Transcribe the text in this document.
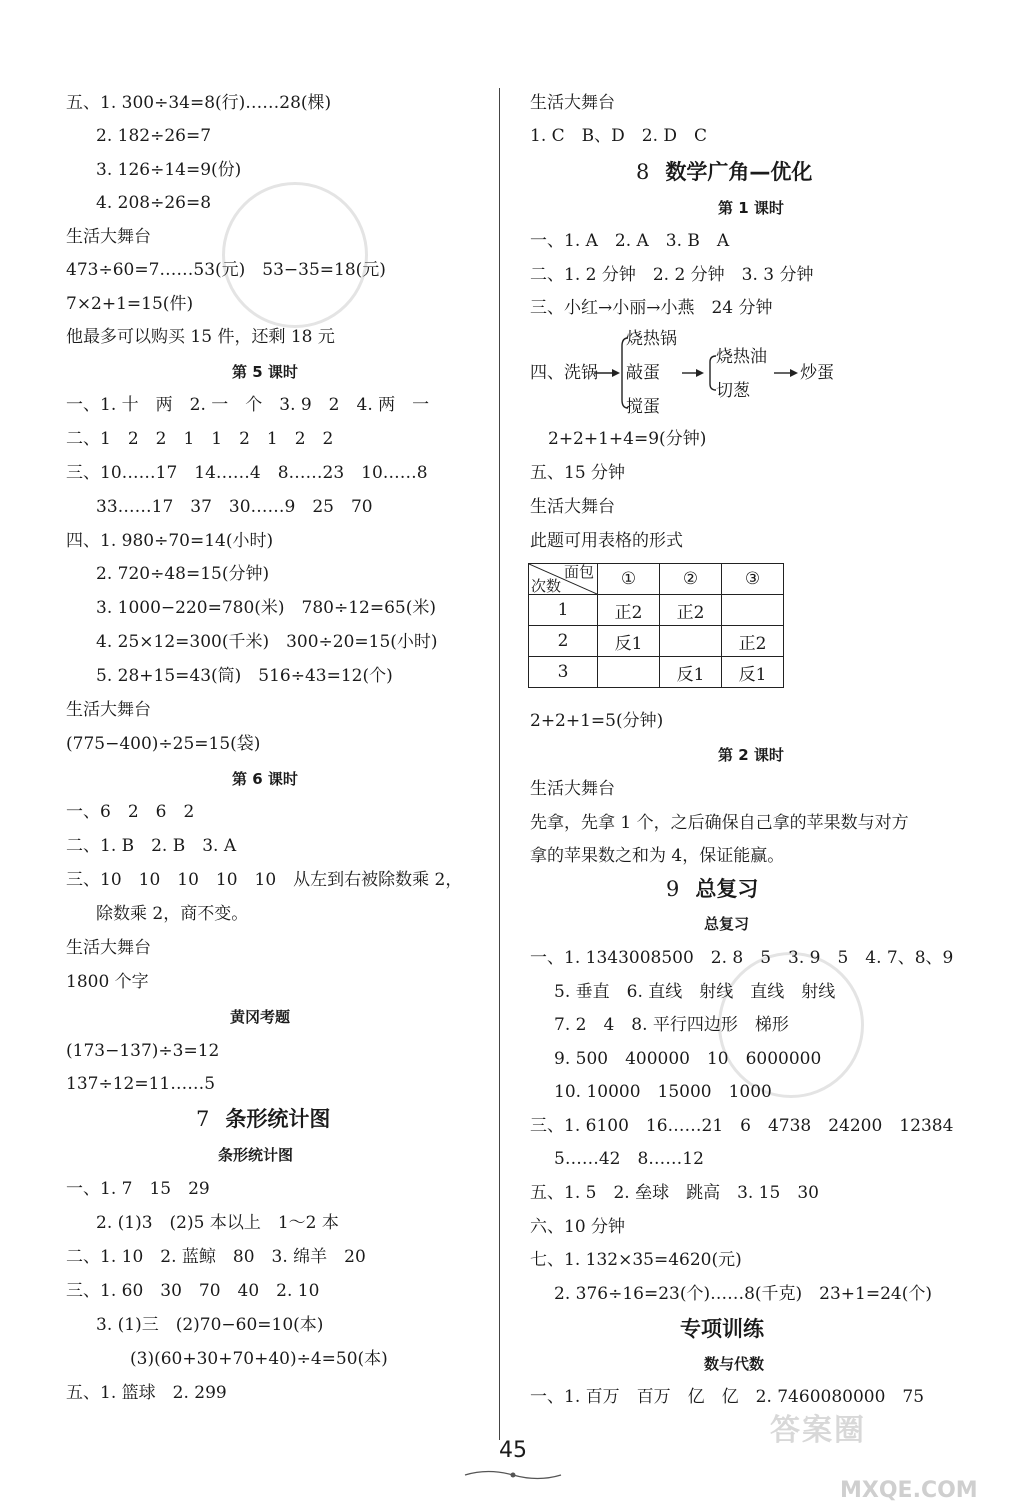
五、1. 300÷34=8(行)……28(棵)
2. 182÷26=7
3. 126÷14=9(份)
4. 208÷26=8
生活大舞台
473÷60=7……53(元)　53−35=18(元)
7×2+1=15(件)
他最多可以购买 15 件，还剩 18 元
第 5 课时
一、1. 十　两　2. 一　个　3. 9　2　4. 两　一
二、1　2　2　1　1　2　1　2　2
三、10……17　14……4　8……23　10……8
33……17　37　30……9　25　70
四、1. 980÷70=14(小时)
2. 720÷48=15(分钟)
3. 1000−220=780(米)　780÷12=65(米)
4. 25×12=300(千米)　300÷20=15(小时)
5. 28+15=43(筒)　516÷43=12(个)
生活大舞台
(775−400)÷25=15(袋)
第 6 课时
一、6　2　6　2
二、1. B　2. B　3. A
三、10　10　10　10　10　从左到右被除数乘 2，
除数乘 2，商不变。
生活大舞台
1800 个字
黄冈考题
(173−137)÷3=12
137÷12=11……5
7 条形统计图
条形统计图
一、1. 7　15　29
2. (1)3　(2)5 本以上　1～2 本
二、1. 10　2. 蓝鲸　80　3. 绵羊　20
三、1. 60　30　70　40　2. 10
3. (1)三　(2)70−60=10(本)
(3)(60+30+70+40)÷4=50(本)
五、1. 篮球　2. 299
生活大舞台
1. C　B、D　2. D　C
8 数学广角—优化
第 1 课时
一、1. A　2. A　3. B　A
二、1. 2 分钟　2. 2 分钟　3. 3 分钟
三、小红→小丽→小燕　24 分钟
2+2+1+4=9(分钟)
五、15 分钟
生活大舞台
此题可用表格的形式
2+2+1=5(分钟)
第 2 课时
生活大舞台
先拿，先拿 1 个，之后确保自己拿的苹果数与对方
拿的苹果数之和为 4，保证能赢。
9 总复习
总复习
一、1. 1343008500　2. 8　5　3. 9　5　4. 7、8、9
5. 垂直　6. 直线　射线　直线　射线
7. 2　4　8. 平行四边形　梯形
9. 500　400000　10　6000000
10. 10000　15000　1000
三、1. 6100　16……21　6　4738　24200　12384
5……42　8……12
五、1. 5　2. 垒球　跳高　3. 15　30
六、10 分钟
七、1. 132×35=4620(元)
2. 376÷16=23(个)……8(千克)　23+1=24(个)
专项训练
数与代数
一、1. 百万　百万　亿　亿　2. 7460080000　75
四、洗锅
烧热锅
敲蛋
搅蛋
烧热油
切葱
炒蛋
面包
次数	①	②	③
1	正2	正2	
2	反1		正2
3		反1	反1
45
答案圈
MXQE.COM
